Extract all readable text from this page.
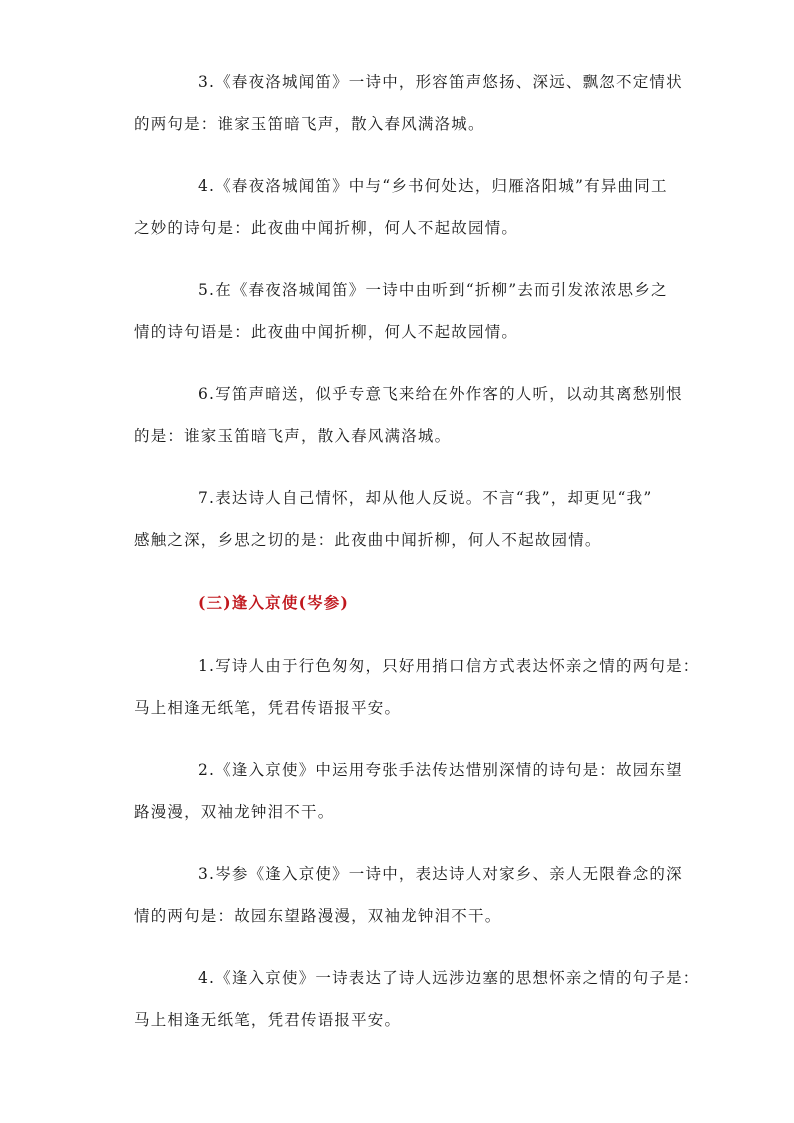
3.《春夜洛城闻笛》一诗中，形容笛声悠扬、深远、飘忽不定情状
的两句是：谁家玉笛暗飞声，散入春风满洛城。
4.《春夜洛城闻笛》中与“乡书何处达，归雁洛阳城”有异曲同工
之妙的诗句是：此夜曲中闻折柳，何人不起故园情。
5.在《春夜洛城闻笛》一诗中由听到“折柳”去而引发浓浓思乡之
情的诗句语是：此夜曲中闻折柳，何人不起故园情。
6.写笛声暗送，似乎专意飞来给在外作客的人听，以动其离愁别恨
的是：谁家玉笛暗飞声，散入春风满洛城。
7.表达诗人自己情怀，却从他人反说。不言“我”，却更见“我”
感触之深，乡思之切的是：此夜曲中闻折柳，何人不起故园情。
(三)逢入京使(岑参)
1.写诗人由于行色匆匆，只好用捎口信方式表达怀亲之情的两句是：
马上相逢无纸笔，凭君传语报平安。
2.《逢入京使》中运用夸张手法传达惜别深情的诗句是：故园东望
路漫漫，双袖龙钟泪不干。
3.岑参《逢入京使》一诗中，表达诗人对家乡、亲人无限眷念的深
情的两句是：故园东望路漫漫，双袖龙钟泪不干。
4.《逢入京使》一诗表达了诗人远涉边塞的思想怀亲之情的句子是：
马上相逢无纸笔，凭君传语报平安。
